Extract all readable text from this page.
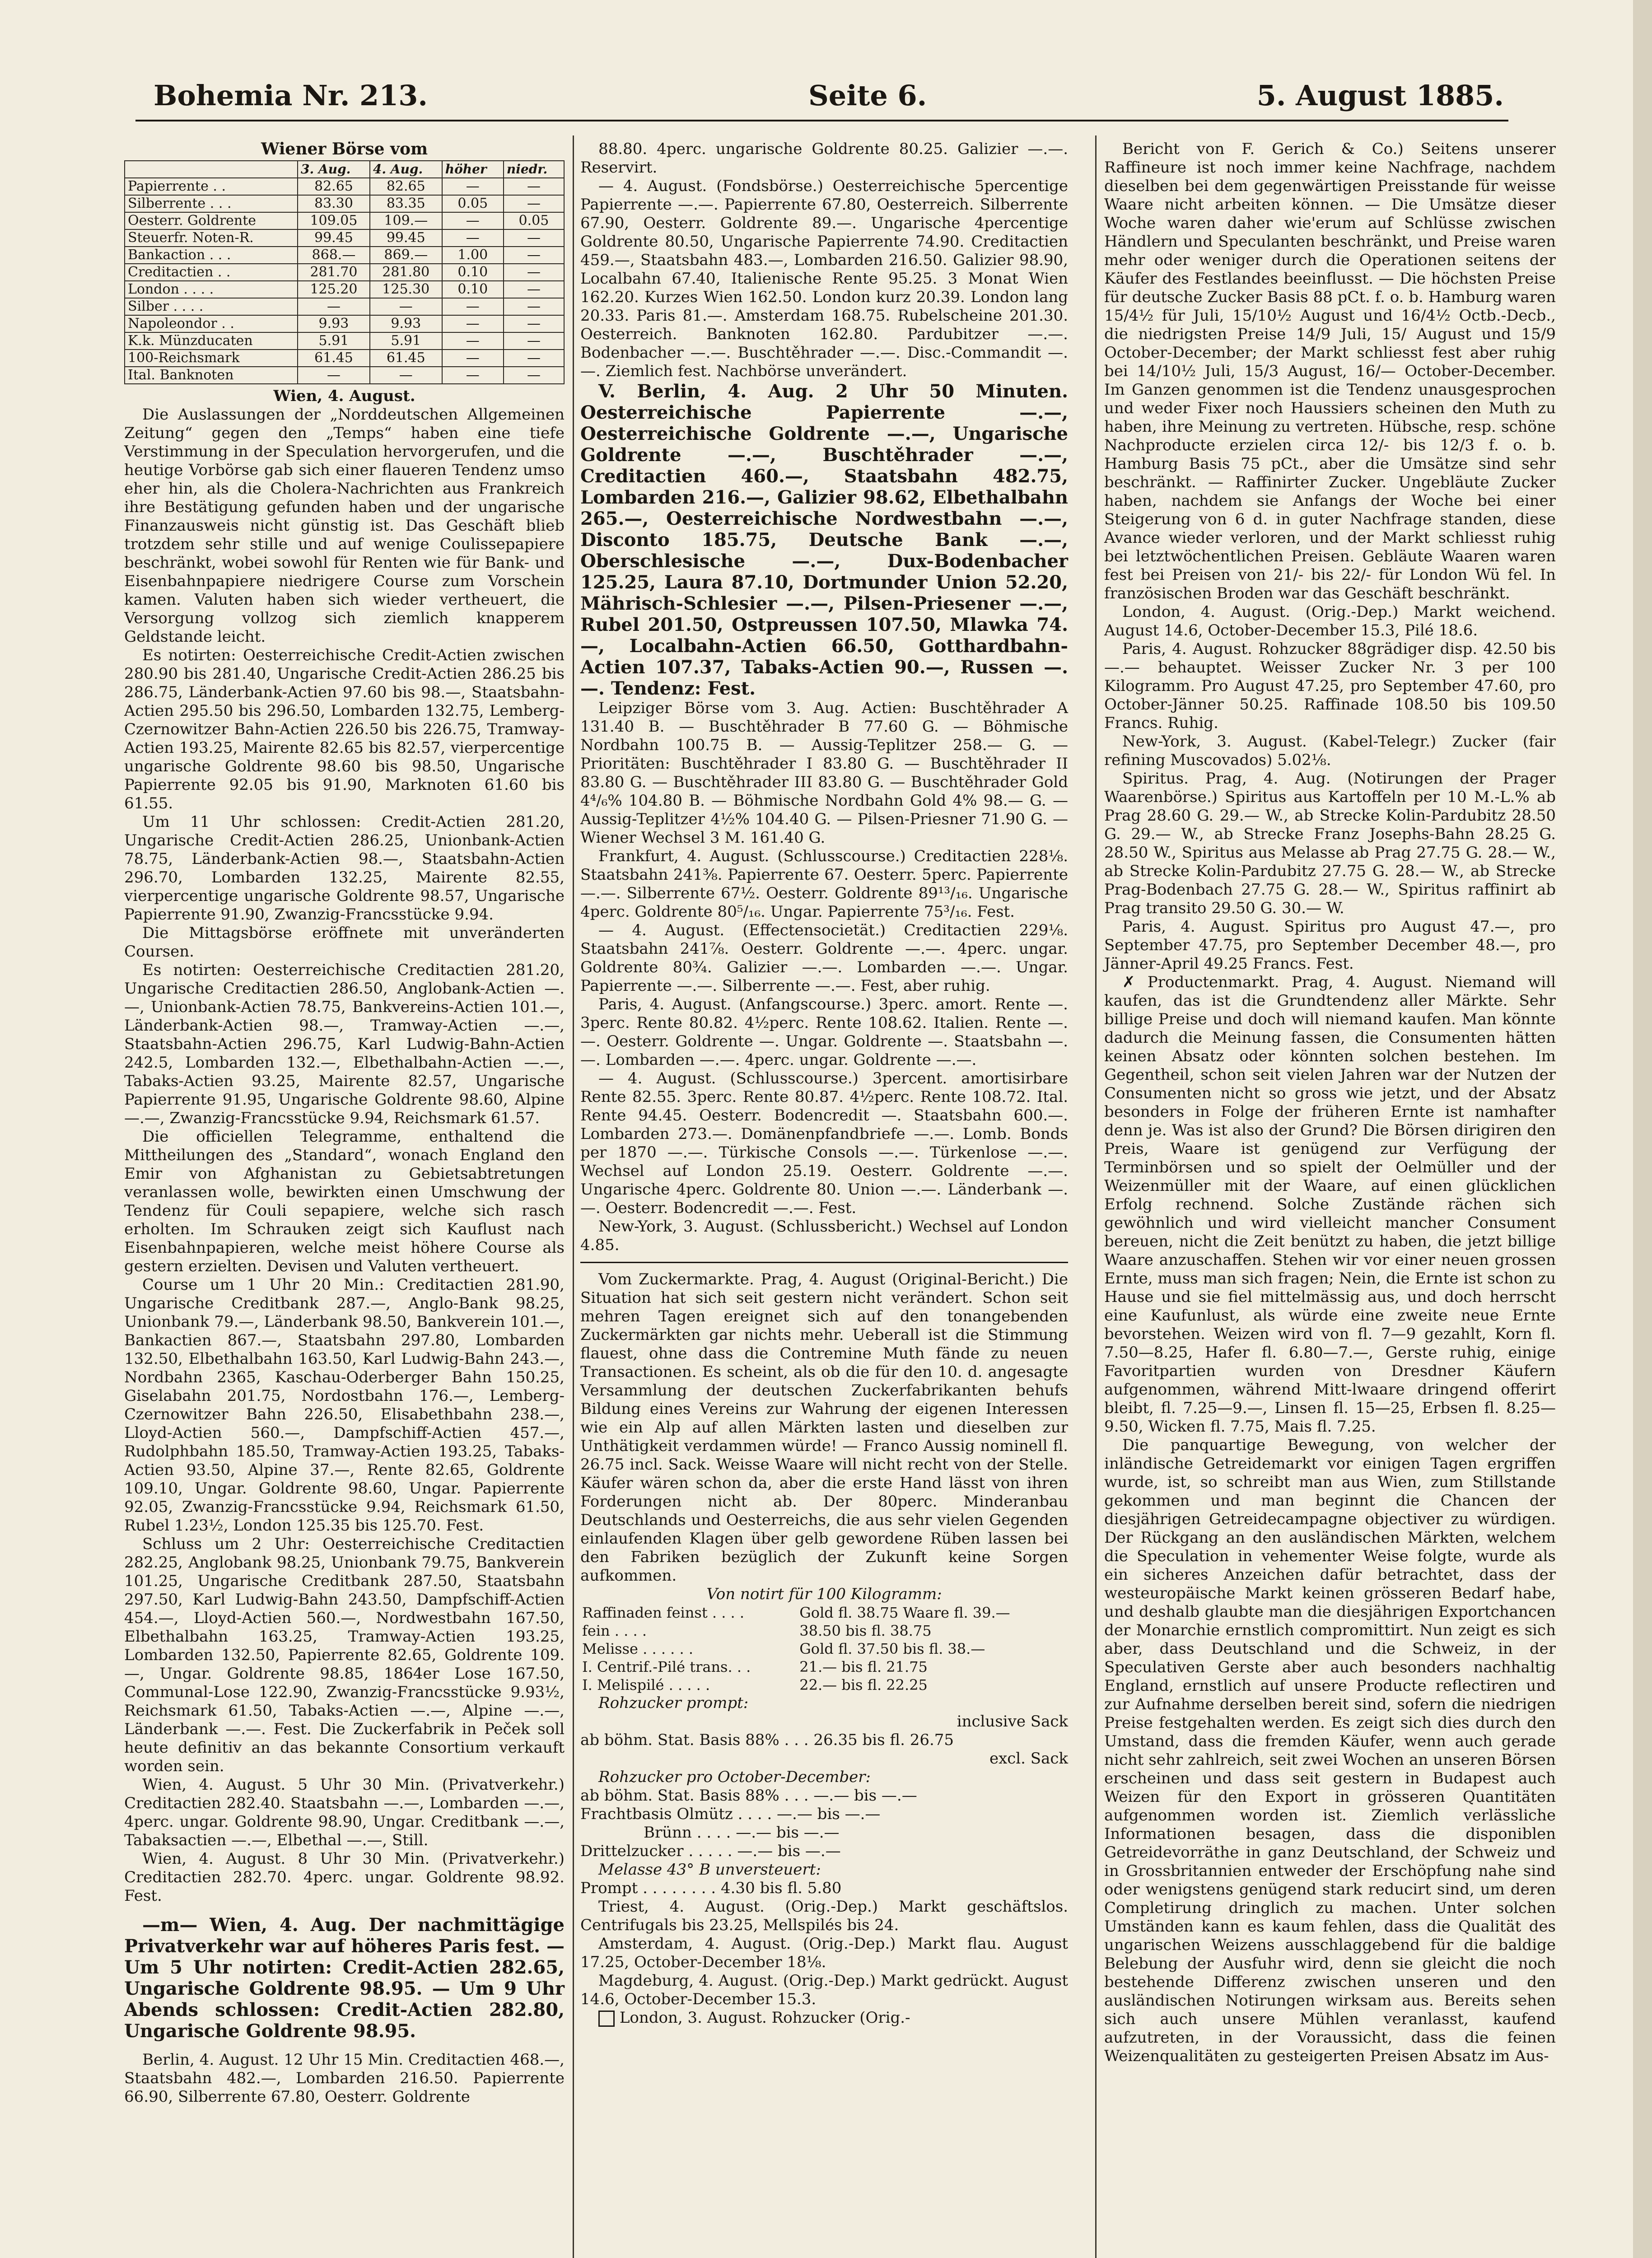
Bohemia Nr. 213.	Seite 6.	5. August 1885.
Wiener Börse vom
	3. Aug.	4. Aug.	höher	niedr.
Papierrente . .	82.65	82.65	—	—
Silberrente . . .	83.30	83.35	0.05	—
Oesterr. Goldrente	109.05	109.—	—	0.05
Steuerfr. Noten-R.	99.45	99.45	—	—
Bankaction . . .	868.—	869.—	1.00	—
Creditactien . .	281.70	281.80	0.10	—
London . . . .	125.20	125.30	0.10	—
Silber . . . .	—	—	—	—
Napoleondor . .	9.93	9.93	—	—
K.k. Münzducaten	5.91	5.91	—	—
100-Reichsmark	61.45	61.45	—	—
Ital. Banknoten	—	—	—	—
Wien, 4. August.

Die Auslassungen der „Norddeutschen Allgemeinen Zeitung“ gegen den „Temps“ haben eine tiefe Verstimmung in der Speculation hervorgerufen, und die heutige Vorbörse gab sich einer flaueren Tendenz umso eher hin, als die Cholera-Nachrichten aus Frankreich ihre Bestätigung gefunden haben und der ungarische Finanzausweis nicht günstig ist. Das Geschäft blieb trotzdem sehr stille und auf wenige Coulissepapiere beschränkt, wobei sowohl für Renten wie für Bank- und Eisenbahnpapiere niedrigere Course zum Vorschein kamen. Valuten haben sich wieder vertheuert, die Versorgung vollzog sich ziemlich knapperem Geldstande leicht.

Es notirten: Oesterreichische Credit-Actien zwischen 280.90 bis 281.40, Ungarische Credit-Actien 286.25 bis 286.75, Länderbank-Actien 97.60 bis 98.—, Staatsbahn-Actien 295.50 bis 296.50, Lombarden 132.75, Lemberg-Czernowitzer Bahn-Actien 226.50 bis 226.75, Tramway-Actien 193.25, Mairente 82.65 bis 82.57, vierpercentige ungarische Goldrente 98.60 bis 98.50, Ungarische Papierrente 92.05 bis 91.90, Marknoten 61.60 bis 61.55.

Um 11 Uhr schlossen: Credit-Actien 281.20, Ungarische Credit-Actien 286.25, Unionbank-Actien 78.75, Länderbank-Actien 98.—, Staatsbahn-Actien 296.70, Lombarden 132.25, Mairente 82.55, vierpercentige ungarische Goldrente 98.57, Ungarische Papierrente 91.90, Zwanzig-Francsstücke 9.94.

Die Mittagsbörse eröffnete mit unveränderten Coursen.

Es notirten: Oesterreichische Creditactien 281.20, Ungarische Creditactien 286.50, Anglobank-Actien —.—, Unionbank-Actien 78.75, Bankvereins-Actien 101.—, Länderbank-Actien 98.—, Tramway-Actien —.—, Staatsbahn-Actien 296.75, Karl Ludwig-Bahn-Actien 242.5, Lombarden 132.—, Elbethalbahn-Actien —.—, Tabaks-Actien 93.25, Mairente 82.57, Ungarische Papierrente 91.95, Ungarische Goldrente 98.60, Alpine —.—, Zwanzig-Francsstücke 9.94, Reichsmark 61.57.

Die officiellen Telegramme, enthaltend die Mittheilungen des „Standard“, wonach England den Emir von Afghanistan zu Gebietsabtretungen veranlassen wolle, bewirkten einen Umschwung der Tendenz für Couli sepapiere, welche sich rasch erholten. Im Schrauken zeigt sich Kauflust nach Eisenbahnpapieren, welche meist höhere Course als gestern erzielten. Devisen und Valuten vertheuert.

Course um 1 Uhr 20 Min.: Creditactien 281.90, Ungarische Creditbank 287.—, Anglo-Bank 98.25, Unionbank 79.—, Länderbank 98.50, Bankverein 101.—, Bankactien 867.—, Staatsbahn 297.80, Lombarden 132.50, Elbethalbahn 163.50, Karl Ludwig-Bahn 243.—, Nordbahn 2365, Kaschau-Oderberger Bahn 150.25, Giselabahn 201.75, Nordostbahn 176.—, Lemberg-Czernowitzer Bahn 226.50, Elisabethbahn 238.—, Lloyd-Actien 560.—, Dampfschiff-Actien 457.—, Rudolphbahn 185.50, Tramway-Actien 193.25, Tabaks-Actien 93.50, Alpine 37.—, Rente 82.65, Goldrente 109.10, Ungar. Goldrente 98.60, Ungar. Papierrente 92.05, Zwanzig-Francsstücke 9.94, Reichsmark 61.50, Rubel 1.23½, London 125.35 bis 125.70. Fest.

Schluss um 2 Uhr: Oesterreichische Creditactien 282.25, Anglobank 98.25, Unionbank 79.75, Bankverein 101.25, Ungarische Creditbank 287.50, Staatsbahn 297.50, Karl Ludwig-Bahn 243.50, Dampfschiff-Actien 454.—, Lloyd-Actien 560.—, Nordwestbahn 167.50, Elbethalbahn 163.25, Tramway-Actien 193.25, Lombarden 132.50, Papierrente 82.65, Goldrente 109.—, Ungar. Goldrente 98.85, 1864er Lose 167.50, Communal-Lose 122.90, Zwanzig-Francsstücke 9.93½, Reichsmark 61.50, Tabaks-Actien —.—, Alpine —.—, Länderbank —.—. Fest. Die Zuckerfabrik in Peček soll heute definitiv an das bekannte Consortium verkauft worden sein.

Wien, 4. August. 5 Uhr 30 Min. (Privatverkehr.) Creditactien 282.40. Staatsbahn —.—, Lombarden —.—, 4perc. ungar. Goldrente 98.90, Ungar. Creditbank —.—, Tabaksactien —.—, Elbethal —.—, Still.

Wien, 4. August. 8 Uhr 30 Min. (Privatverkehr.) Creditactien 282.70. 4perc. ungar. Goldrente 98.92. Fest.

—m— Wien, 4. Aug. Der nachmittägige Privatverkehr war auf höheres Paris fest. — Um 5 Uhr notirten: Credit-Actien 282.65, Ungarische Goldrente 98.95. — Um 9 Uhr Abends schlossen: Credit-Actien 282.80, Ungarische Goldrente 98.95.

Berlin, 4. August. 12 Uhr 15 Min. Creditactien 468.—, Staatsbahn 482.—, Lombarden 216.50. Papierrente 66.90, Silberrente 67.80, Oesterr. Goldrente

88.80. 4perc. ungarische Goldrente 80.25. Galizier —.—. Reservirt.

— 4. August. (Fondsbörse.) Oesterreichische 5percentige Papierrente —.—. Papierrente 67.80, Oesterreich. Silberrente 67.90, Oesterr. Goldrente 89.—. Ungarische 4percentige Goldrente 80.50, Ungarische Papierrente 74.90. Creditactien 459.—, Staatsbahn 483.—, Lombarden 216.50. Galizier 98.90, Localbahn 67.40, Italienische Rente 95.25. 3 Monat Wien 162.20. Kurzes Wien 162.50. London kurz 20.39. London lang 20.33. Paris 81.—. Amsterdam 168.75. Rubelscheine 201.30. Oesterreich. Banknoten 162.80. Pardubitzer —.—. Bodenbacher —.—. Buschtěhrader —.—. Disc.-Commandit —.—. Ziemlich fest. Nachbörse unverändert.

V. Berlin, 4. Aug. 2 Uhr 50 Minuten. Oesterreichische Papierrente —.—, Oesterreichische Goldrente —.—, Ungarische Goldrente —.—, Buschtěhrader —.—, Creditactien 460.—, Staatsbahn 482.75, Lombarden 216.—, Galizier 98.62, Elbethalbahn 265.—, Oesterreichische Nordwestbahn —.—, Disconto 185.75, Deutsche Bank —.—, Oberschlesische —.—, Dux-Bodenbacher 125.25, Laura 87.10, Dortmunder Union 52.20, Mährisch-Schlesier —.—, Pilsen-Priesener —.—, Rubel 201.50, Ostpreussen 107.50, Mlawka 74.—, Localbahn-Actien 66.50, Gotthardbahn-Actien 107.37, Tabaks-Actien 90.—, Russen —.—. Tendenz: Fest.

Leipziger Börse vom 3. Aug. Actien: Buschtěhrader A 131.40 B. — Buschtěhrader B 77.60 G. — Böhmische Nordbahn 100.75 B. — Aussig-Teplitzer 258.— G. — Prioritäten: Buschtěhrader I 83.80 G. — Buschtěhrader II 83.80 G. — Buschtěhrader III 83.80 G. — Buschtěhrader Gold 4⁴/₆% 104.80 B. — Böhmische Nordbahn Gold 4% 98.— G. — Aussig-Teplitzer 4½% 104.40 G. — Pilsen-Priesner 71.90 G. — Wiener Wechsel 3 M. 161.40 G.

Frankfurt, 4. August. (Schlusscourse.) Creditactien 228⅛. Staatsbahn 241⅜. Papierrente 67. Oesterr. 5perc. Papierrente —.—. Silberrente 67½. Oesterr. Goldrente 89¹³/₁₆. Ungarische 4perc. Goldrente 80⁵/₁₆. Ungar. Papierrente 75³/₁₆. Fest.

— 4. August. (Effectensocietät.) Creditactien 229⅛. Staatsbahn 241⅞. Oesterr. Goldrente —.—. 4perc. ungar. Goldrente 80¾. Galizier —.—. Lombarden —.—. Ungar. Papierrente —.—. Silberrente —.—. Fest, aber ruhig.

Paris, 4. August. (Anfangscourse.) 3perc. amort. Rente —. 3perc. Rente 80.82. 4½perc. Rente 108.62. Italien. Rente —.—. Oesterr. Goldrente —. Ungar. Goldrente —. Staatsbahn —.—. Lombarden —.—. 4perc. ungar. Goldrente —.—.

— 4. August. (Schlusscourse.) 3percent. amortisirbare Rente 82.55. 3perc. Rente 80.87. 4½perc. Rente 108.72. Ital. Rente 94.45. Oesterr. Bodencredit —. Staatsbahn 600.—. Lombarden 273.—. Domänenpfandbriefe —.—. Lomb. Bonds per 1870 —.—. Türkische Consols —.—. Türkenlose —.—. Wechsel auf London 25.19. Oesterr. Goldrente —.—. Ungarische 4perc. Goldrente 80. Union —.—. Länderbank —.—. Oesterr. Bodencredit —.—. Fest.

New-York, 3. August. (Schlussbericht.) Wechsel auf London 4.85.

Vom Zuckermarkte. Prag, 4. August (Original-Bericht.) Die Situation hat sich seit gestern nicht verändert. Schon seit mehren Tagen ereignet sich auf den tonangebenden Zuckermärkten gar nichts mehr. Ueberall ist die Stimmung flauest, ohne dass die Contremine Muth fände zu neuen Transactionen. Es scheint, als ob die für den 10. d. angesagte Versammlung der deutschen Zuckerfabrikanten behufs Bildung eines Vereins zur Wahrung der eigenen Interessen wie ein Alp auf allen Märkten lasten und dieselben zur Unthätigkeit verdammen würde! — Franco Aussig nominell fl. 26.75 incl. Sack. Weisse Waare will nicht recht von der Stelle. Käufer wären schon da, aber die erste Hand lässt von ihren Forderungen nicht ab. Der 80perc. Minderanbau Deutschlands und Oesterreichs, die aus sehr vielen Gegenden einlaufenden Klagen über gelb gewordene Rüben lassen bei den Fabriken bezüglich der Zukunft keine Sorgen aufkommen.

Von notirt für 100 Kilogramm:
Raffinaden feinst . . . .	Gold fl. 38.75 Waare fl. 39.—
fein . . . .	38.50 bis fl. 38.75
Melisse . . . . . .	Gold fl. 37.50 bis fl. 38.—
I. Centrif.-Pilé trans. . .	21.— bis fl. 21.75
I. Melispilé . . . . .	22.— bis fl. 22.25
Rohzucker prompt:
inclusive Sack
ab böhm. Stat. Basis 88% . . . 26.35 bis fl. 26.75
excl. Sack
Rohzucker pro October-December:
ab böhm. Stat. Basis 88% . . . —.— bis —.—
Frachtbasis Olmütz . . . . —.— bis —.—
Brünn . . . . —.— bis —.—
Drittelzucker . . . . . —.— bis —.—
Melasse 43° B unversteuert:
Prompt . . . . . . . . 4.30 bis fl. 5.80

Triest, 4. August. (Orig.-Dep.) Markt geschäftslos. Centrifugals bis 23.25, Mellspilés bis 24.

Amsterdam, 4. August. (Orig.-Dep.) Markt flau. August 17.25, October-December 18⅛.

Magdeburg, 4. August. (Orig.-Dep.) Markt gedrückt. August 14.6, October-December 15.3.

London, 3. August. Rohzucker (Orig.-

Bericht von F. Gerich & Co.) Seitens unserer Raffineure ist noch immer keine Nachfrage, nachdem dieselben bei dem gegenwärtigen Preisstande für weisse Waare nicht arbeiten können. — Die Umsätze dieser Woche waren daher wie'erum auf Schlüsse zwischen Händlern und Speculanten beschränkt, und Preise waren mehr oder weniger durch die Operationen seitens der Käufer des Festlandes beeinflusst. — Die höchsten Preise für deutsche Zucker Basis 88 pCt. f. o. b. Hamburg waren 15/4½ für Juli, 15/10½ August und 16/4½ Octb.-Decb., die niedrigsten Preise 14/9 Juli, 15/ August und 15/9 October-December; der Markt schliesst fest aber ruhig bei 14/10½ Juli, 15/3 August, 16/— October-December. Im Ganzen genommen ist die Tendenz unausgesprochen und weder Fixer noch Haussiers scheinen den Muth zu haben, ihre Meinung zu vertreten. Hübsche, resp. schöne Nachproducte erzielen circa 12/- bis 12/3 f. o. b. Hamburg Basis 75 pCt., aber die Umsätze sind sehr beschränkt. — Raffinirter Zucker. Ungebläute Zucker haben, nachdem sie Anfangs der Woche bei einer Steigerung von 6 d. in guter Nachfrage standen, diese Avance wieder verloren, und der Markt schliesst ruhig bei letztwöchentlichen Preisen. Gebläute Waaren waren fest bei Preisen von 21/- bis 22/- für London Wü fel. In französischen Broden war das Geschäft beschränkt.

London, 4. August. (Orig.-Dep.) Markt weichend. August 14.6, October-December 15.3, Pilé 18.6.

Paris, 4. August. Rohzucker 88grädiger disp. 42.50 bis —.— behauptet. Weisser Zucker Nr. 3 per 100 Kilogramm. Pro August 47.25, pro September 47.60, pro October-Jänner 50.25. Raffinade 108.50 bis 109.50 Francs. Ruhig.

New-York, 3. August. (Kabel-Telegr.) Zucker (fair refining Muscovados) 5.02⅛.

Spiritus. Prag, 4. Aug. (Notirungen der Prager Waarenbörse.) Spiritus aus Kartoffeln per 10 M.-L.% ab Prag 28.60 G. 29.— W., ab Strecke Kolin-Pardubitz 28.50 G. 29.— W., ab Strecke Franz Josephs-Bahn 28.25 G. 28.50 W., Spiritus aus Melasse ab Prag 27.75 G. 28.— W., ab Strecke Kolin-Pardubitz 27.75 G. 28.— W., ab Strecke Prag-Bodenbach 27.75 G. 28.— W., Spiritus raffinirt ab Prag transito 29.50 G. 30.— W.

Paris, 4. August. Spiritus pro August 47.—, pro September 47.75, pro September December 48.—, pro Jänner-April 49.25 Francs. Fest.

✗ Productenmarkt. Prag, 4. August. Niemand will kaufen, das ist die Grundtendenz aller Märkte. Sehr billige Preise und doch will niemand kaufen. Man könnte dadurch die Meinung fassen, die Consumenten hätten keinen Absatz oder könnten solchen bestehen. Im Gegentheil, schon seit vielen Jahren war der Nutzen der Consumenten nicht so gross wie jetzt, und der Absatz besonders in Folge der früheren Ernte ist namhafter denn je. Was ist also der Grund? Die Börsen dirigiren den Preis, Waare ist genügend zur Verfügung der Terminbörsen und so spielt der Oelmüller und der Weizenmüller mit der Waare, auf einen glücklichen Erfolg rechnend. Solche Zustände rächen sich gewöhnlich und wird vielleicht mancher Consument bereuen, nicht die Zeit benützt zu haben, die jetzt billige Waare anzuschaffen. Stehen wir vor einer neuen grossen Ernte, muss man sich fragen; Nein, die Ernte ist schon zu Hause und sie fiel mittelmässig aus, und doch herrscht eine Kaufunlust, als würde eine zweite neue Ernte bevorstehen. Weizen wird von fl. 7—9 gezahlt, Korn fl. 7.50—8.25, Hafer fl. 6.80—7.—, Gerste ruhig, einige Favoritpartien wurden von Dresdner Käufern aufgenommen, während Mitt-lwaare dringend offerirt bleibt, fl. 7.25—9.—, Linsen fl. 15—25, Erbsen fl. 8.25—9.50, Wicken fl. 7.75, Mais fl. 7.25.

Die panquartige Bewegung, von welcher der inländische Getreidemarkt vor einigen Tagen ergriffen wurde, ist, so schreibt man aus Wien, zum Stillstande gekommen und man beginnt die Chancen der diesjährigen Getreidecampagne objectiver zu würdigen. Der Rückgang an den ausländischen Märkten, welchem die Speculation in vehementer Weise folgte, wurde als ein sicheres Anzeichen dafür betrachtet, dass der westeuropäische Markt keinen grösseren Bedarf habe, und deshalb glaubte man die diesjährigen Exportchancen der Monarchie ernstlich compromittirt. Nun zeigt es sich aber, dass Deutschland und die Schweiz, in der Speculativen Gerste aber auch besonders nachhaltig England, ernstlich auf unsere Producte reflectiren und zur Aufnahme derselben bereit sind, sofern die niedrigen Preise festgehalten werden. Es zeigt sich dies durch den Umstand, dass die fremden Käufer, wenn auch gerade nicht sehr zahlreich, seit zwei Wochen an unseren Börsen erscheinen und dass seit gestern in Budapest auch Weizen für den Export in grösseren Quantitäten aufgenommen worden ist. Ziemlich verlässliche Informationen besagen, dass die disponiblen Getreidevorräthe in ganz Deutschland, der Schweiz und in Grossbritannien entweder der Erschöpfung nahe sind oder wenigstens genügend stark reducirt sind, um deren Completirung dringlich zu machen. Unter solchen Umständen kann es kaum fehlen, dass die Qualität des ungarischen Weizens ausschlaggebend für die baldige Belebung der Ausfuhr wird, denn sie gleicht die noch bestehende Differenz zwischen unseren und den ausländischen Notirungen wirksam aus. Bereits sehen sich auch unsere Mühlen veranlasst, kaufend aufzutreten, in der Voraussicht, dass die feinen Weizenqualitäten zu gesteigerten Preisen Absatz im Aus-
